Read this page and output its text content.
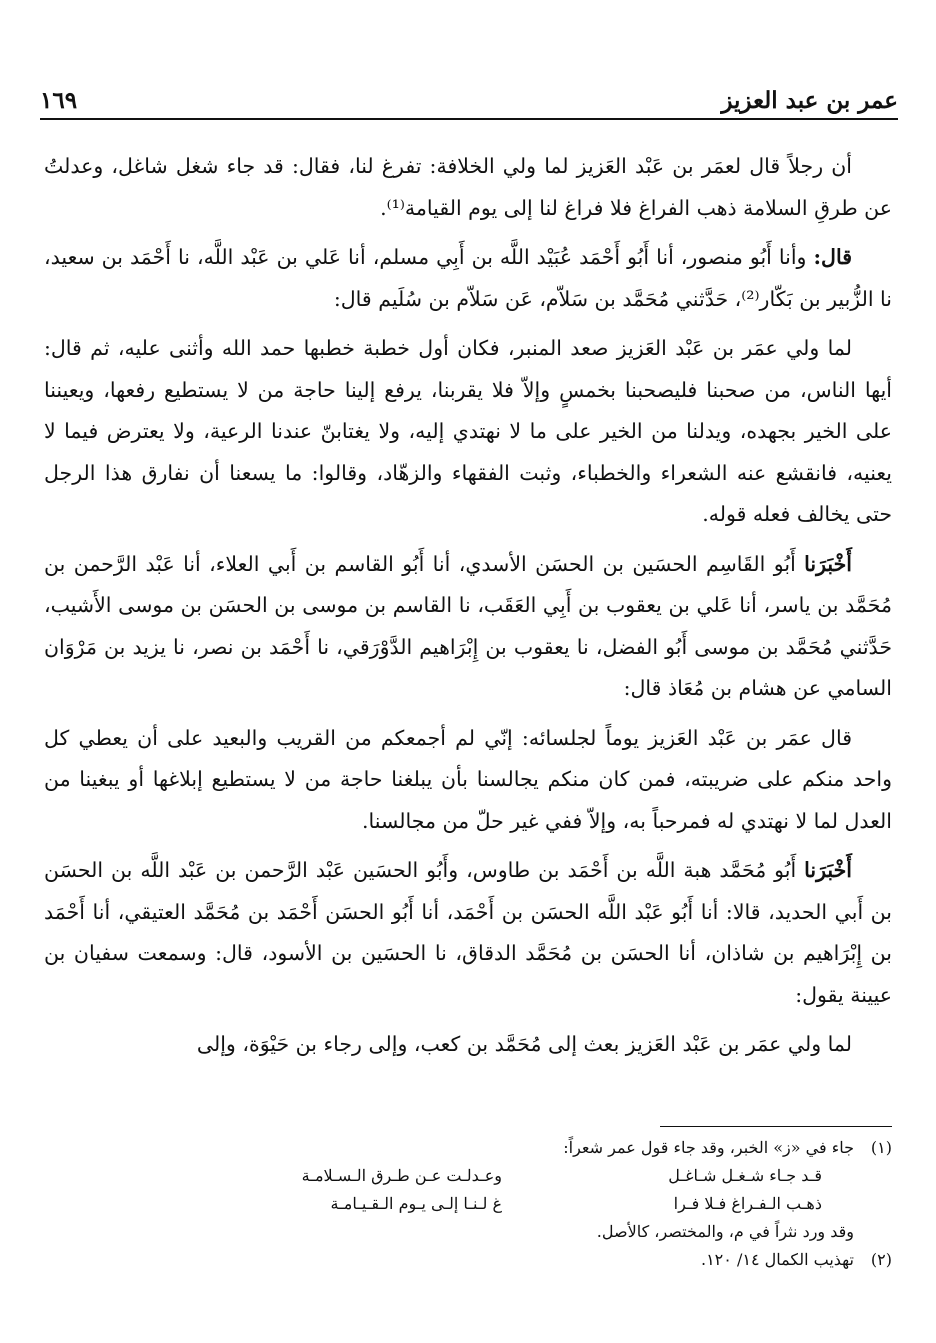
عمر بن عبد العزيز
١٦٩

أن رجلاً قال لعمَر بن عَبْد العَزيز لما ولي الخلافة: تفرغ لنا، فقال: قد جاء شغل شاغل، وعدلتُ عن طرقِ السلامة ذهب الفراغ فلا فراغ لنا إلى يوم القيامة⁽¹⁾.

قال: وأنا أَبُو منصور، أنا أَبُو أَحْمَد عُبَيْد اللَّه بن أَبِي مسلم، أنا عَلي بن عَبْد اللَّه، نا أَحْمَد بن سعيد، نا الزُّبير بن بَكّار⁽²⁾، حَدَّثني مُحَمَّد بن سَلاّم، عَن سَلاّم بن سُلَيم قال:

لما ولي عمَر بن عَبْد العَزيز صعد المنبر، فكان أول خطبة خطبها حمد الله وأثنى عليه، ثم قال: أيها الناس، من صحبنا فليصحبنا بخمسٍ وإلاّ فلا يقربنا، يرفع إلينا حاجة من لا يستطيع رفعها، ويعيننا على الخير بجهده، ويدلنا من الخير على ما لا نهتدي إليه، ولا يغتابنّ عندنا الرعية، ولا يعترض فيما لا يعنيه، فانقشع عنه الشعراء والخطباء، وثبت الفقهاء والزهّاد، وقالوا: ما يسعنا أن نفارق هذا الرجل حتى يخالف فعله قوله.

أَخْبَرَنا أَبُو القَاسِم الحسَين بن الحسَن الأسدي، أنا أَبُو القاسم بن أَبي العلاء، أنا عَبْد الرَّحمن بن مُحَمَّد بن ياسر، أنا عَلي بن يعقوب بن أَبِي العَقَب، نا القاسم بن موسى بن الحسَن بن موسى الأَشيب، حَدَّثني مُحَمَّد بن موسى أَبُو الفضل، نا يعقوب بن إِبْرَاهيم الدَّوْرَقي، نا أَحْمَد بن نصر، نا يزيد بن مَرْوَان السامي عن هشام بن مُعَاذ قال:

قال عمَر بن عَبْد العَزيز يوماً لجلسائه: إنّي لم أجمعكم من القريب والبعيد على أن يعطي كل واحد منكم على ضريبته، فمن كان منكم يجالسنا بأن يبلغنا حاجة من لا يستطيع إبلاغها أو يبغينا من العدل لما لا نهتدي له فمرحباً به، وإلاّ ففي غير حلّ من مجالسنا.

أَخْبَرَنا أَبُو مُحَمَّد هبة اللَّه بن أَحْمَد بن طاوس، وأَبُو الحسَين عَبْد الرَّحمن بن عَبْد اللَّه بن الحسَن بن أَبي الحديد، قالا: أنا أَبُو عَبْد اللَّه الحسَن بن أَحْمَد، أنا أَبُو الحسَن أَحْمَد بن مُحَمَّد العتيقي، أنا أَحْمَد بن إِبْرَاهيم بن شاذان، أنا الحسَن بن مُحَمَّد الدقاق، نا الحسَين بن الأسود، قال: وسمعت سفيان بن عيينة يقول:

لما ولي عمَر بن عَبْد العَزيز بعث إلى مُحَمَّد بن كعب، وإلى رجاء بن حَيْوَة، وإلى

(١)
جاء في «ز» الخبر، وقد جاء قول عمر شعراً:
قـد جـاء شـغـل شـاغـل
وعـدلـت عـن طـرق الـسـلامـة
ذهـب الـفـراغ فـلا فـرا
غ لـنـا إلـى يـوم الـقـيـامـة
وقد ورد نثراً في م، والمختصر، كالأصل.
(٢)
تهذيب الكمال ١٤/ ١٢٠.
